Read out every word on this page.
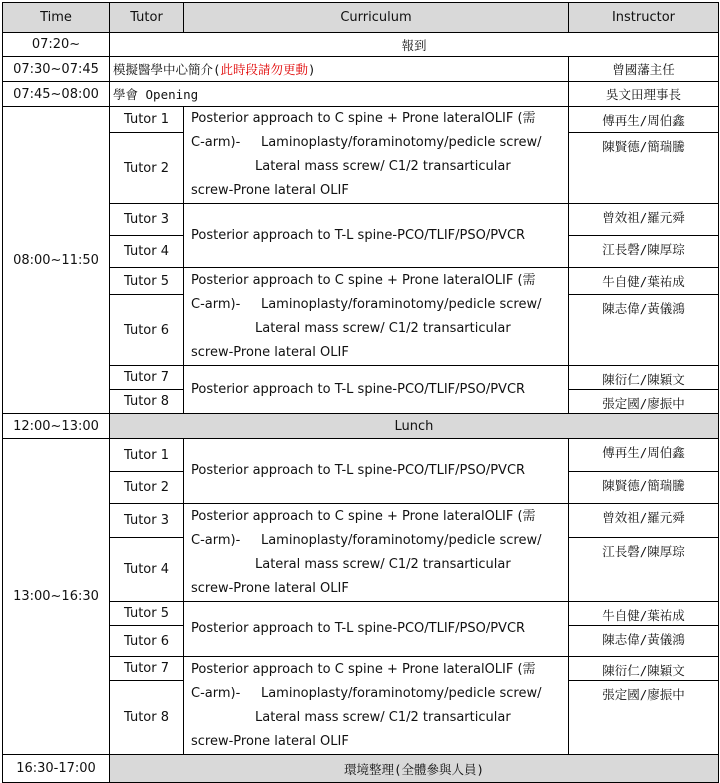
Time	Tutor	Curriculum	Instructor
07:20~	報到		
07:30~07:45	模擬醫學中心簡介(此時段請勿更動)		曾國藩主任
07:45~08:00	學會 Opening		吳文田理事長
08:00~11:50	Tutor 1	Posterior approach to C spine + Prone lateralOLIF (需
C-arm)- Laminoplasty/foraminotomy/pedicle screw/
Lateral mass screw/ C1/2 transarticular
screw-Prone lateral OLIF	傅再生/周伯鑫
	Tutor 2		陳賢德/簡瑞騰
	Tutor 3	Posterior approach to T-L spine-PCO/TLIF/PSO/PVCR	曾效祖/羅元舜
	Tutor 4		江長磬/陳厚琮
	Tutor 5	Posterior approach to C spine + Prone lateralOLIF (需
C-arm)- Laminoplasty/foraminotomy/pedicle screw/
Lateral mass screw/ C1/2 transarticular
screw-Prone lateral OLIF	牛自健/葉祐成
	Tutor 6		陳志偉/黃儀鴻
	Tutor 7	Posterior approach to T-L spine-PCO/TLIF/PSO/PVCR	陳衍仁/陳穎文
	Tutor 8		張定國/廖振中

12:00~13:00	Lunch		
13:00~16:30	Tutor 1	Posterior approach to T-L spine-PCO/TLIF/PSO/PVCR	傅再生/周伯鑫
	Tutor 2		陳賢德/簡瑞騰
	Tutor 3	Posterior approach to C spine + Prone lateralOLIF (需
C-arm)- Laminoplasty/foraminotomy/pedicle screw/
Lateral mass screw/ C1/2 transarticular
screw-Prone lateral OLIF	曾效祖/羅元舜
	Tutor 4		江長磬/陳厚琮
	Tutor 5	Posterior approach to T-L spine-PCO/TLIF/PSO/PVCR	牛自健/葉祐成
	Tutor 6		陳志偉/黃儀鴻
	Tutor 7	Posterior approach to C spine + Prone lateralOLIF (需
C-arm)- Laminoplasty/foraminotomy/pedicle screw/
Lateral mass screw/ C1/2 transarticular
screw-Prone lateral OLIF	陳衍仁/陳穎文
	Tutor 8		張定國/廖振中
16:30-17:00	環境整理(全體參與人員)		
